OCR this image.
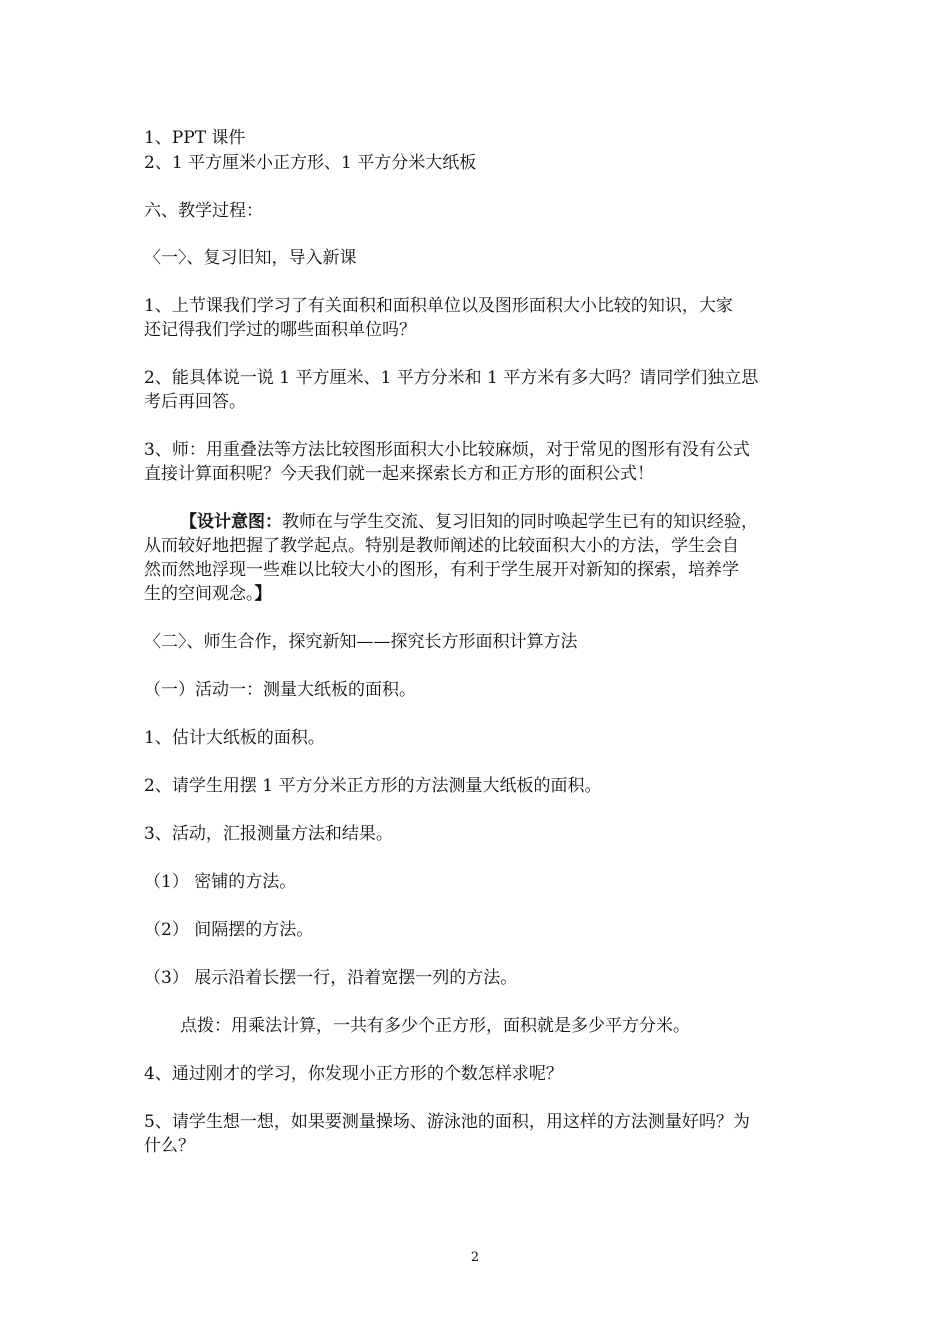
1、PPT 课件
2、1 平方厘米小正方形、1 平方分米大纸板
六、教学过程：
〈一〉、复习旧知，导入新课
1、上节课我们学习了有关面积和面积单位以及图形面积大小比较的知识，大家
还记得我们学过的哪些面积单位吗？
2、能具体说一说 1 平方厘米、1 平方分米和 1 平方米有多大吗？请同学们独立思
考后再回答。
3、师：用重叠法等方法比较图形面积大小比较麻烦，对于常见的图形有没有公式
直接计算面积呢？今天我们就一起来探索长方和正方形的面积公式！
【设计意图：教师在与学生交流、复习旧知的同时唤起学生已有的知识经验，
从而较好地把握了教学起点。特别是教师阐述的比较面积大小的方法，学生会自
然而然地浮现一些难以比较大小的图形，有利于学生展开对新知的探索，培养学
生的空间观念。】
〈二〉、师生合作，探究新知——探究长方形面积计算方法
（一）活动一：测量大纸板的面积。
1、估计大纸板的面积。
2、请学生用摆 1 平方分米正方形的方法测量大纸板的面积。
3、活动，汇报测量方法和结果。
（1） 密铺的方法。
（2） 间隔摆的方法。
（3） 展示沿着长摆一行，沿着宽摆一列的方法。
点拨：用乘法计算，一共有多少个正方形，面积就是多少平方分米。
4、通过刚才的学习，你发现小正方形的个数怎样求呢？
5、请学生想一想，如果要测量操场、游泳池的面积，用这样的方法测量好吗？为
什么？
2
